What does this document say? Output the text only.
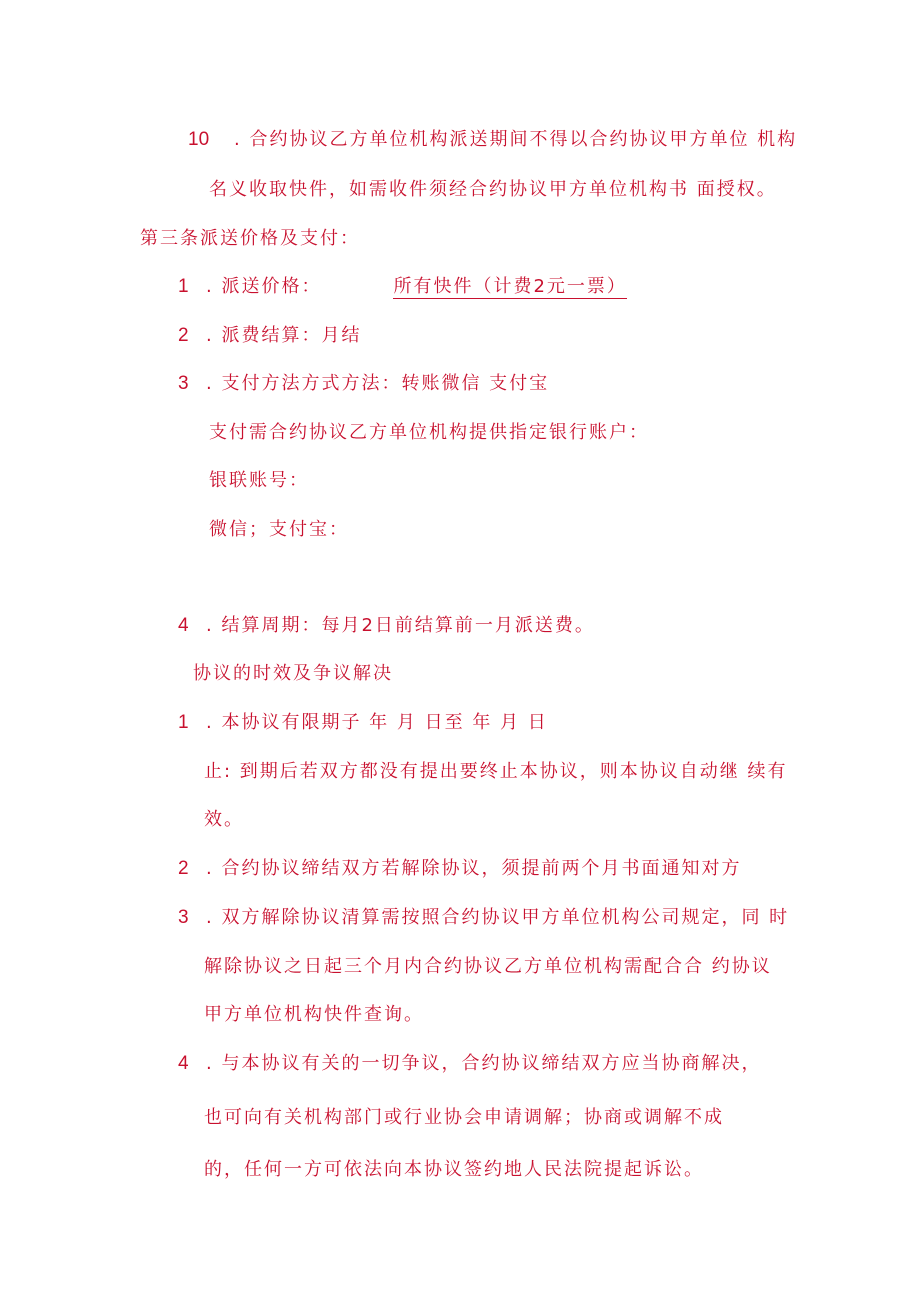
10 . 合约协议乙方单位机构派送期间不得以合约协议甲方单位 机构
名义收取快件，如需收件须经合约协议甲方单位机构书 面授权。
第三条派送价格及支付：
1 . 派送价格：	所有快件（计费2元一票）
2 . 派费结算：月结
3 . 支付方法方式方法：转账微信 支付宝
支付需合约协议乙方单位机构提供指定银行账户：
银联账号：
微信；支付宝：
4 . 结算周期：每月2日前结算前一月派送费。
协议的时效及争议解决
1 . 本协议有限期子 年 月 日至 年 月 日
止: 到期后若双方都没有提出要终止本协议，则本协议自动继 续有
效。
2 . 合约协议缔结双方若解除协议，须提前两个月书面通知对方
3 . 双方解除协议清算需按照合约协议甲方单位机构公司规定，同 时
解除协议之日起三个月内合约协议乙方单位机构需配合合 约协议
甲方单位机构快件查询。
4 . 与本协议有关的一切争议，合约协议缔结双方应当协商解决，
也可向有关机构部门或行业协会申请调解；协商或调解不成
的，任何一方可依法向本协议签约地人民法院提起诉讼。
